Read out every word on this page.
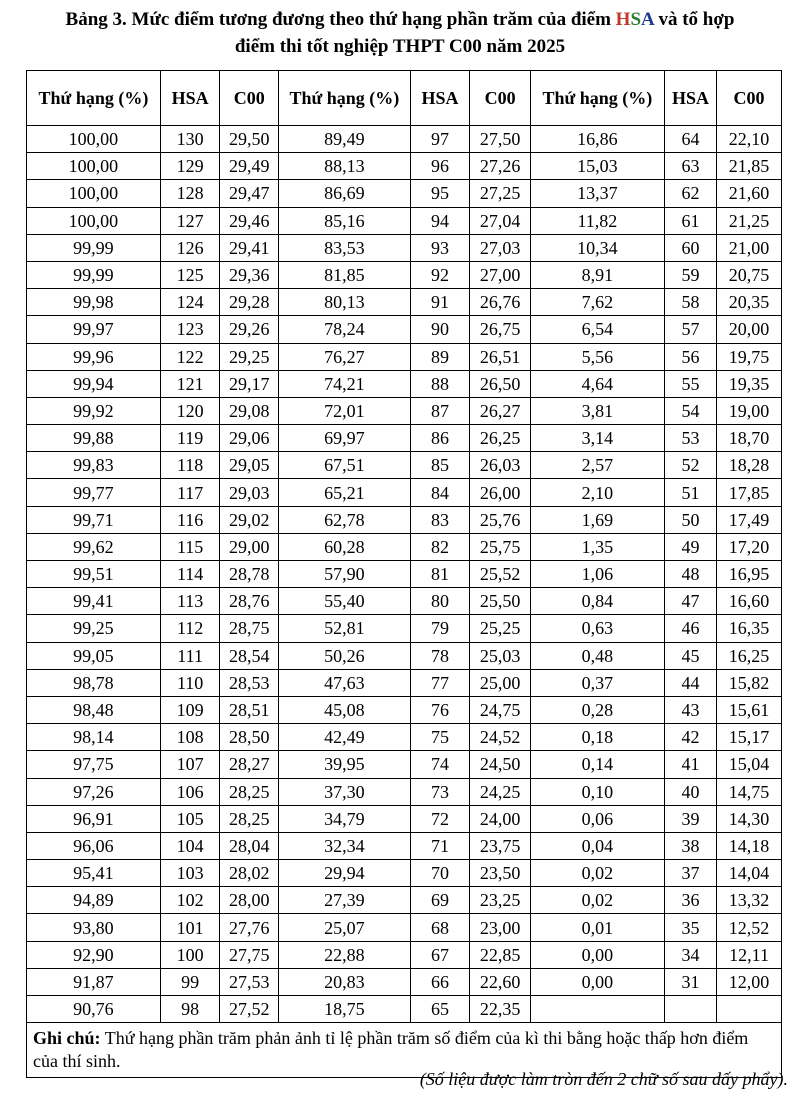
Bảng 3. Mức điểm tương đương theo thứ hạng phần trăm của điểm HSA và tổ hợp
điểm thi tốt nghiệp THPT C00 năm 2025
Thứ hạng (%)	HSA	C00	Thứ hạng (%)	HSA	C00	Thứ hạng (%)	HSA	C00
100,00	130	29,50	89,49	97	27,50	16,86	64	22,10
100,00	129	29,49	88,13	96	27,26	15,03	63	21,85
100,00	128	29,47	86,69	95	27,25	13,37	62	21,60
100,00	127	29,46	85,16	94	27,04	11,82	61	21,25
99,99	126	29,41	83,53	93	27,03	10,34	60	21,00
99,99	125	29,36	81,85	92	27,00	8,91	59	20,75
99,98	124	29,28	80,13	91	26,76	7,62	58	20,35
99,97	123	29,26	78,24	90	26,75	6,54	57	20,00
99,96	122	29,25	76,27	89	26,51	5,56	56	19,75
99,94	121	29,17	74,21	88	26,50	4,64	55	19,35
99,92	120	29,08	72,01	87	26,27	3,81	54	19,00
99,88	119	29,06	69,97	86	26,25	3,14	53	18,70
99,83	118	29,05	67,51	85	26,03	2,57	52	18,28
99,77	117	29,03	65,21	84	26,00	2,10	51	17,85
99,71	116	29,02	62,78	83	25,76	1,69	50	17,49
99,62	115	29,00	60,28	82	25,75	1,35	49	17,20
99,51	114	28,78	57,90	81	25,52	1,06	48	16,95
99,41	113	28,76	55,40	80	25,50	0,84	47	16,60
99,25	112	28,75	52,81	79	25,25	0,63	46	16,35
99,05	111	28,54	50,26	78	25,03	0,48	45	16,25
98,78	110	28,53	47,63	77	25,00	0,37	44	15,82
98,48	109	28,51	45,08	76	24,75	0,28	43	15,61
98,14	108	28,50	42,49	75	24,52	0,18	42	15,17
97,75	107	28,27	39,95	74	24,50	0,14	41	15,04
97,26	106	28,25	37,30	73	24,25	0,10	40	14,75
96,91	105	28,25	34,79	72	24,00	0,06	39	14,30
96,06	104	28,04	32,34	71	23,75	0,04	38	14,18
95,41	103	28,02	29,94	70	23,50	0,02	37	14,04
94,89	102	28,00	27,39	69	23,25	0,02	36	13,32
93,80	101	27,76	25,07	68	23,00	0,01	35	12,52
92,90	100	27,75	22,88	67	22,85	0,00	34	12,11
91,87	99	27,53	20,83	66	22,60	0,00	31	12,00
90,76	98	27,52	18,75	65	22,35			
Ghi chú: Thứ hạng phần trăm phản ảnh tỉ lệ phần trăm số điểm của kì thi bằng hoặc thấp hơn điểm của thí sinh.								
(Số liệu được làm tròn đến 2 chữ số sau dấy phẩy).
